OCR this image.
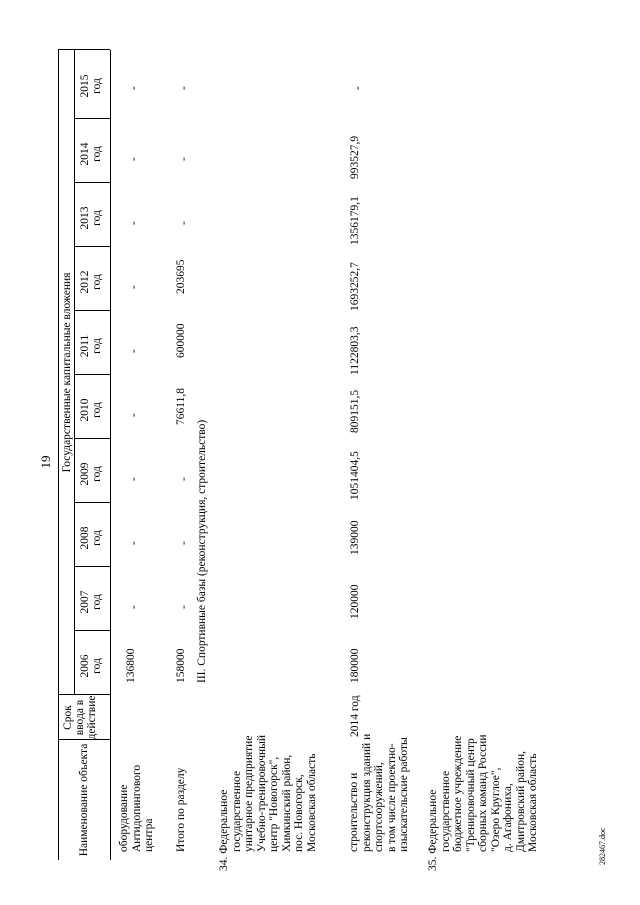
19
Наименование объекта
Срок ввода в действие
Государственные капитальные вложения
2006 год
2007 год
2008 год
2009 год
2010 год
2011 год
2012 год
2013 год
2014 год
2015 год
оборудование Антидопингового центра
136800
-
-
-
-
-
-
-
-
-
Итого по разделу
158000
-
-
-
76611,8
600000
203695
-
-
-
III. Спортивные базы (реконструкция, строительство)
34. Федеральное государственное унитарное предприятие Учебно-тренировочный центр "Новогорск", Химкинский район, пос. Новогорск, Московская область	строительство и реконструкция зданий и спортсооружений, в том числе проектно- изыскательские работы
2014 год
180000
120000
139000
1051404,5
809151,5
1122803,3
1693252,7
1356179,1
993527,9
-
35. Федеральное государственное бюджетное учреждение "Тренировочный центр сборных команд России "Озеро Круглое", д. Агафониха, Дмитровский район, Московская область	282467.doc
